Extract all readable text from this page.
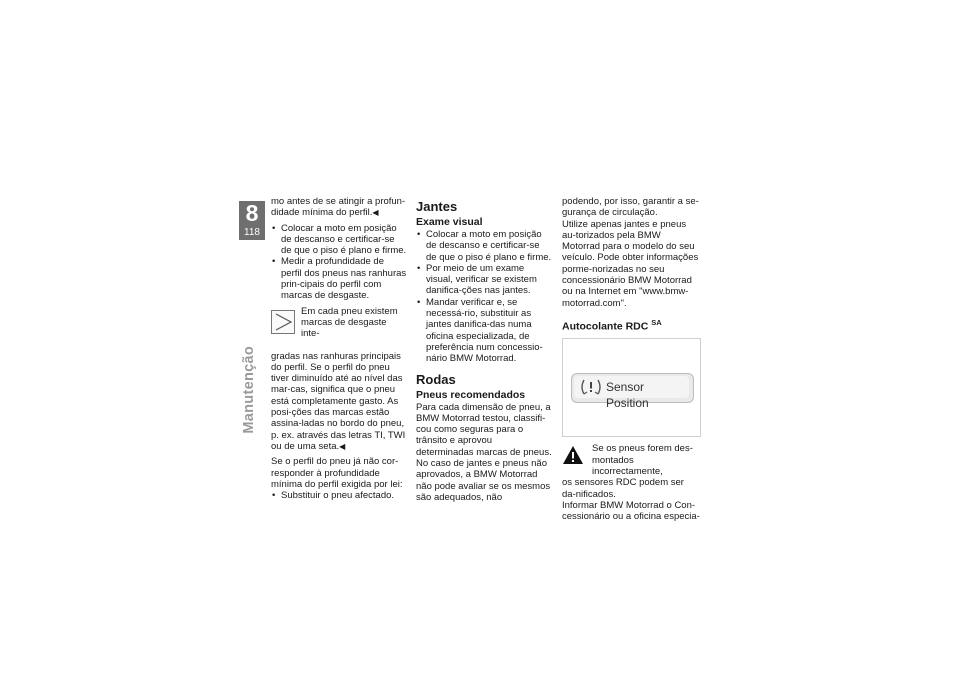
8
118
Manutenção

mo antes de se atingir a profun-didade mínima do perfil.◀

• Colocar a moto em posição de descanso e certificar-se de que o piso é plano e firme.

• Medir a profundidade de perfil dos pneus nas ranhuras prin-cipais do perfil com marcas de desgaste.

Em cada pneu existem marcas de desgaste inte-

gradas nas ranhuras principais do perfil. Se o perfil do pneu tiver diminuído até ao nível das mar-cas, significa que o pneu está completamente gasto. As posi-ções das marcas estão assina-ladas no bordo do pneu, p. ex. através das letras TI, TWI ou de uma seta.◀

Se o perfil do pneu já não cor-responder à profundidade mínima do perfil exigida por lei:

• Substituir o pneu afectado.

Jantes
Exame visual

• Colocar a moto em posição de descanso e certificar-se de que o piso é plano e firme.

• Por meio de um exame visual, verificar se existem danifica-ções nas jantes.

• Mandar verificar e, se necessá-rio, substituir as jantes danifica-das numa oficina especializada, de preferência num concessio-nário BMW Motorrad.

Rodas
Pneus recomendados

Para cada dimensão de pneu, a BMW Motorrad testou, classifi-cou como seguras para o trânsito e aprovou determinadas marcas de pneus. No caso de jantes e pneus não aprovados, a BMW Motorrad não pode avaliar se os mesmos são adequados, não

podendo, por isso, garantir a se-gurança de circulação.

Utilize apenas jantes e pneus au-torizados pela BMW Motorrad para o modelo do seu veículo. Pode obter informações porme-norizadas no seu concessionário BMW Motorrad ou na Internet em "www.bmw-motorrad.com".

Autocolante RDC $^{SA}$
Sensor Position

Se os pneus forem des-montados incorrectamente,

os sensores RDC podem ser da-nificados.

Informar BMW Motorrad o Con-cessionário ou a oficina especia-
